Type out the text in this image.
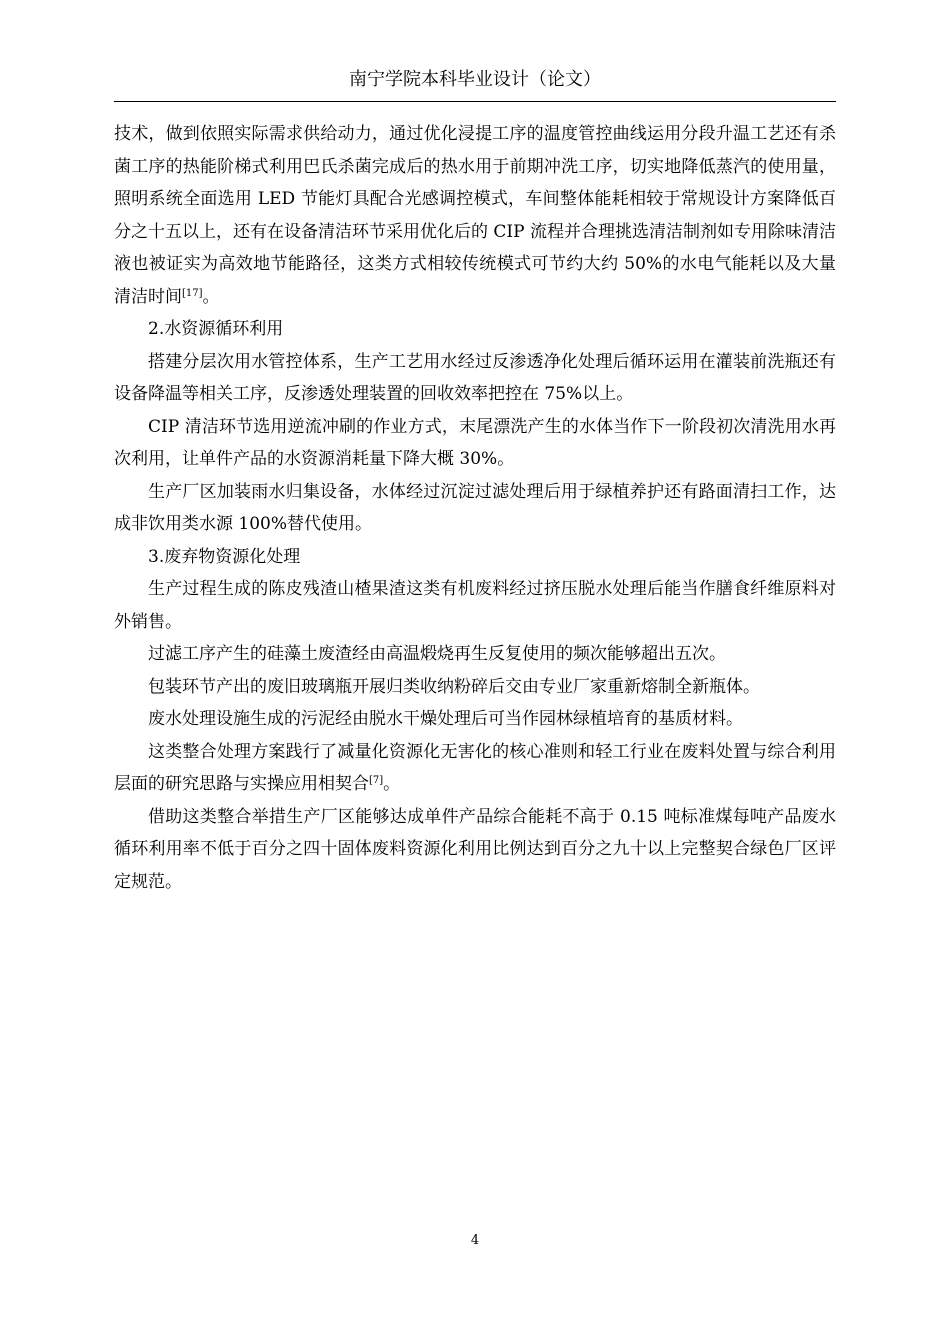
南宁学院本科毕业设计（论文）

技术，做到依照实际需求供给动力，通过优化浸提工序的温度管控曲线运用分段升温工艺还有杀菌工序的热能阶梯式利用巴氏杀菌完成后的热水用于前期冲洗工序，切实地降低蒸汽的使用量，照明系统全面选用 LED 节能灯具配合光感调控模式，车间整体能耗相较于常规设计方案降低百分之十五以上，还有在设备清洁环节采用优化后的 CIP 流程并合理挑选清洁制剂如专用除味清洁液也被证实为高效地节能路径，这类方式相较传统模式可节约大约 50%的水电气能耗以及大量清洁时间[17]。

2.水资源循环利用

搭建分层次用水管控体系，生产工艺用水经过反渗透净化处理后循环运用在灌装前洗瓶还有设备降温等相关工序，反渗透处理装置的回收效率把控在 75%以上。

CIP 清洁环节选用逆流冲刷的作业方式，末尾漂洗产生的水体当作下一阶段初次清洗用水再次利用，让单件产品的水资源消耗量下降大概 30%。

生产厂区加装雨水归集设备，水体经过沉淀过滤处理后用于绿植养护还有路面清扫工作，达成非饮用类水源 100%替代使用。

3.废弃物资源化处理

生产过程生成的陈皮残渣山楂果渣这类有机废料经过挤压脱水处理后能当作膳食纤维原料对外销售。

过滤工序产生的硅藻土废渣经由高温煅烧再生反复使用的频次能够超出五次。

包装环节产出的废旧玻璃瓶开展归类收纳粉碎后交由专业厂家重新熔制全新瓶体。

废水处理设施生成的污泥经由脱水干燥处理后可当作园林绿植培育的基质材料。

这类整合处理方案践行了减量化资源化无害化的核心准则和轻工行业在废料处置与综合利用层面的研究思路与实操应用相契合[7]。

借助这类整合举措生产厂区能够达成单件产品综合能耗不高于 0.15 吨标准煤每吨产品废水循环利用率不低于百分之四十固体废料资源化利用比例达到百分之九十以上完整契合绿色厂区评定规范。

4
